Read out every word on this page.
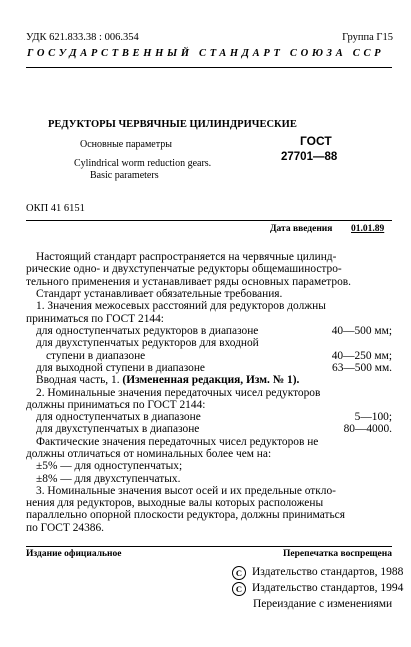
УДК 621.833.38 : 006.354	Группа Г15
ГОСУДАРСТВЕННЫЙ СТАНДАРТ СОЮЗА ССР
РЕДУКТОРЫ ЧЕРВЯЧНЫЕ ЦИЛИНДРИЧЕСКИЕ
Основные параметры
Cylindrical worm reduction gears.
Basic parameters
ГОСТ
27701—88
ОКП 41 6151
Дата введения 01.01.89
Настоящий стандарт распространяется на червячные цилинд-
рические одно- и двухступенчатые редукторы общемашиностро-
тельного применения и устанавливает ряды основных параметров.
Стандарт устанавливает обязательные требования.
1. Значения межосевых расстояний для редукторов должны
приниматься по ГОСТ 2144:
для одноступенчатых редукторов в диапазоне	40—500 мм;
для двухступенчатых редукторов для входной
ступени в диапазоне	40—250 мм;
для выходной ступени в диапазоне	63—500 мм.
Вводная часть, 1. (Измененная редакция, Изм. № 1).
2. Номинальные значения передаточных чисел редукторов
должны приниматься по ГОСТ 2144:
для одноступенчатых в диапазоне	5—100;
для двухступенчатых в диапазоне	80—4000.
Фактические значения передаточных чисел редукторов не
должны отличаться от номинальных более чем на:
±5% — для одноступенчатых;
±8% — для двухступенчатых.
3. Номинальные значения высот осей и их предельные откло-
нения для редукторов, выходные валы которых расположены
параллельно опорной плоскости редуктора, должны приниматься
по ГОСТ 24386.
Издание официальное	Перепечатка воспрещена
С Издательство стандартов, 1988
С Издательство стандартов, 1994
Переиздание с изменениями
